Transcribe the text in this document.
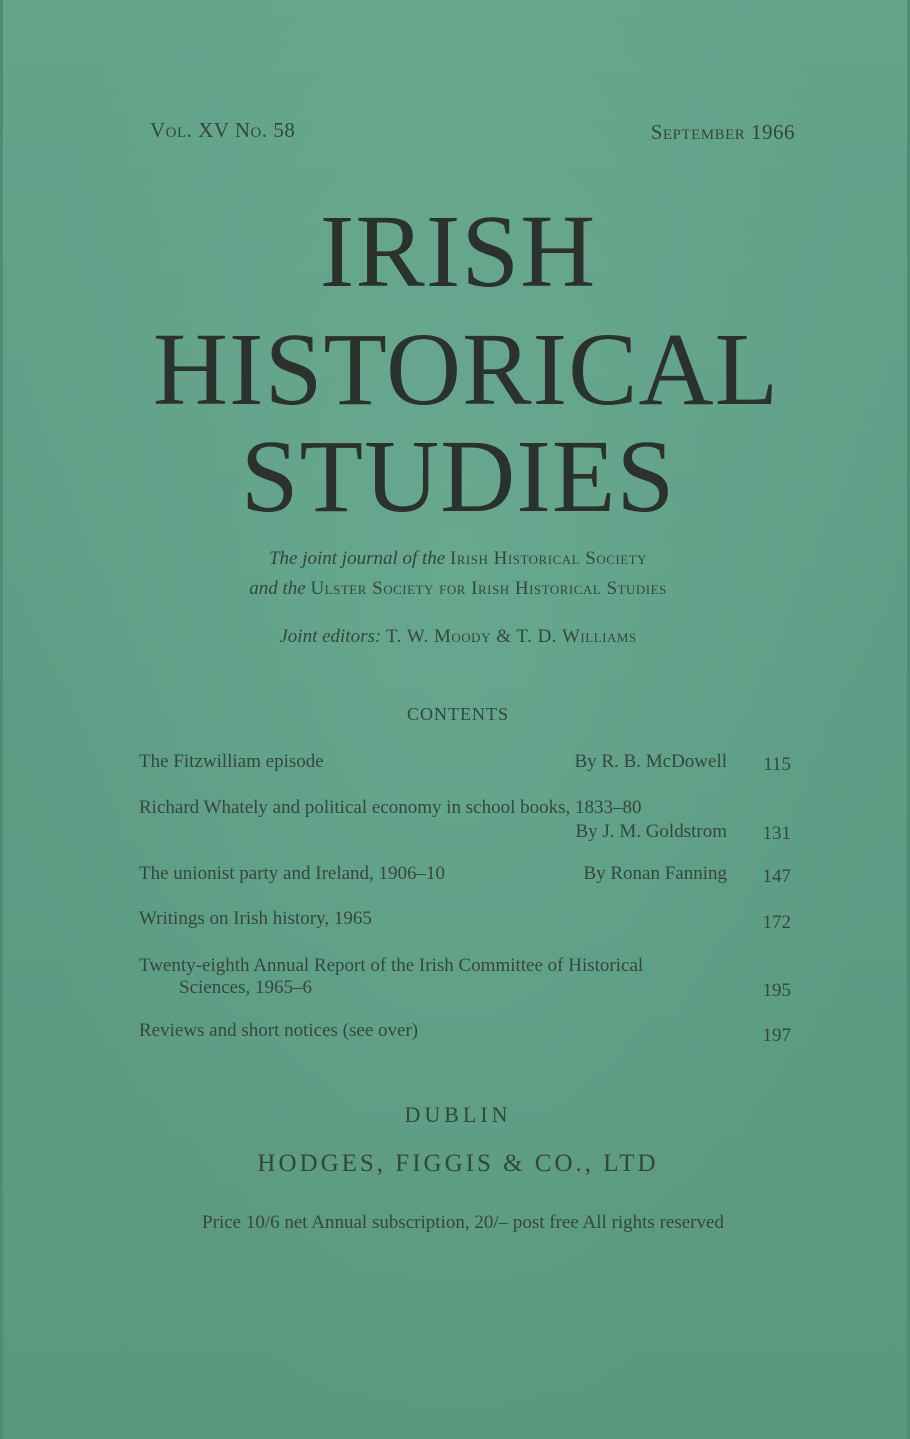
Vol. XV No. 58	September 1966
IRISH
HISTORICAL
STUDIES
The joint journal of the Irish Historical Society
and the Ulster Society for Irish Historical Studies
Joint editors: T. W. Moody & T. D. Williams
CONTENTS
The Fitzwilliam episode	By R. B. McDowell 115
Richard Whately and political economy in school books, 1833–80
By J. M. Goldstrom 131
The unionist party and Ireland, 1906–10	By Ronan Fanning 147
Writings on Irish history, 1965	172
Twenty-eighth Annual Report of the Irish Committee of Historical
Sciences, 1965–6	195
Reviews and short notices (see over)	197
DUBLIN
HODGES, FIGGIS & CO., LTD
Price 10/6 net Annual subscription, 20/– post free All rights reserved
